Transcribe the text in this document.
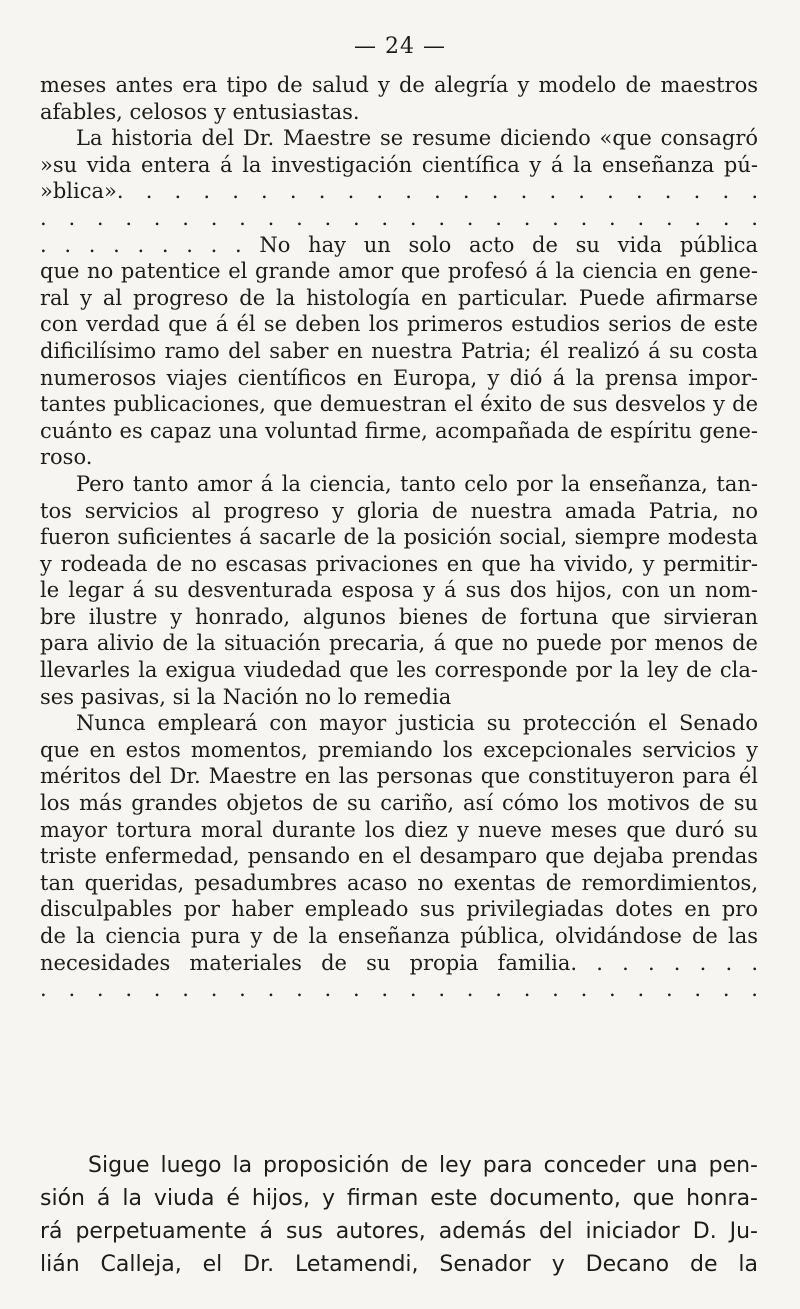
— 24 —
meses antes era tipo de salud y de alegría y modelo de maestros
afables, celosos y entusiastas.
La historia del Dr. Maestre se resume diciendo «que consagró
»su vida entera á la investigación científica y á la enseñanza pú-
»blica». . . . . . . . . . . . . . . . . . . . . . .
. . . . . . . . . . . . . . . . . . . . . . . . . .
. . . . . . . . . No hay un solo acto de su vida pública
que no patentice el grande amor que profesó á la ciencia en gene-
ral y al progreso de la histología en particular. Puede afirmarse
con verdad que á él se deben los primeros estudios serios de este
dificilísimo ramo del saber en nuestra Patria; él realizó á su costa
numerosos viajes científicos en Europa, y dió á la prensa impor-
tantes publicaciones, que demuestran el éxito de sus desvelos y de
cuánto es capaz una voluntad firme, acompañada de espíritu gene-
roso.
Pero tanto amor á la ciencia, tanto celo por la enseñanza, tan-
tos servicios al progreso y gloria de nuestra amada Patria, no
fueron suficientes á sacarle de la posición social, siempre modesta
y rodeada de no escasas privaciones en que ha vivido, y permitir-
le legar á su desventurada esposa y á sus dos hijos, con un nom-
bre ilustre y honrado, algunos bienes de fortuna que sirvieran
para alivio de la situación precaria, á que no puede por menos de
llevarles la exigua viudedad que les corresponde por la ley de cla-
ses pasivas, si la Nación no lo remedia
Nunca empleará con mayor justicia su protección el Senado
que en estos momentos, premiando los excepcionales servicios y
méritos del Dr. Maestre en las personas que constituyeron para él
los más grandes objetos de su cariño, así cómo los motivos de su
mayor tortura moral durante los diez y nueve meses que duró su
triste enfermedad, pensando en el desamparo que dejaba prendas
tan queridas, pesadumbres acaso no exentas de remordimientos,
disculpables por haber empleado sus privilegiadas dotes en pro
de la ciencia pura y de la enseñanza pública, olvidándose de las
necesidades materiales de su propia familia. . . . . . . .
. . . . . . . . . . . . . . . . . . . . . . . . . .
Sigue luego la proposición de ley para conceder una pen-
sión á la viuda é hijos, y firman este documento, que honra-
rá perpetuamente á sus autores, además del iniciador D. Ju-
lián Calleja, el Dr. Letamendi, Senador y Decano de la
